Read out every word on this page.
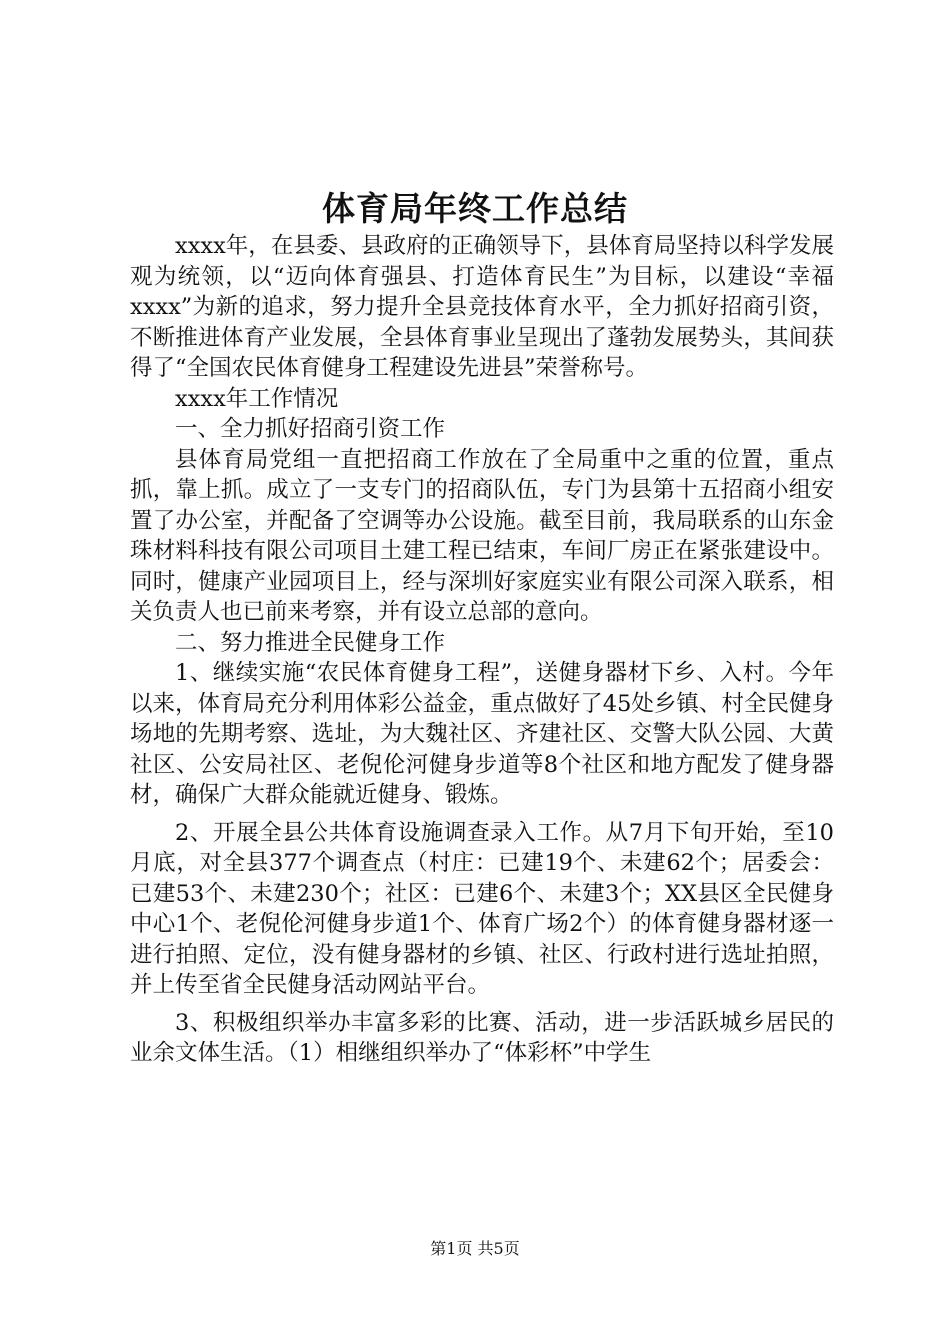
体育局年终工作总结

xxxx年，在县委、县政府的正确领导下，县体育局坚持以科学发展观为统领，以“迈向体育强县、打造体育民生”为目标，以建设“幸福xxxx”为新的追求，努力提升全县竞技体育水平，全力抓好招商引资，不断推进体育产业发展，全县体育事业呈现出了蓬勃发展势头，其间获得了“全国农民体育健身工程建设先进县”荣誉称号。

xxxx年工作情况

一、全力抓好招商引资工作

县体育局党组一直把招商工作放在了全局重中之重的位置，重点抓，靠上抓。成立了一支专门的招商队伍，专门为县第十五招商小组安置了办公室，并配备了空调等办公设施。截至目前，我局联系的山东金珠材料科技有限公司项目土建工程已结束，车间厂房正在紧张建设中。同时，健康产业园项目上，经与深圳好家庭实业有限公司深入联系，相关负责人也已前来考察，并有设立总部的意向。

二、努力推进全民健身工作

1、继续实施“农民体育健身工程”，送健身器材下乡、入村。今年以来，体育局充分利用体彩公益金，重点做好了45处乡镇、村全民健身场地的先期考察、选址，为大魏社区、齐建社区、交警大队公园、大黄社区、公安局社区、老倪伦河健身步道等8个社区和地方配发了健身器材，确保广大群众能就近健身、锻炼。

2、开展全县公共体育设施调查录入工作。从7月下旬开始，至10月底，对全县377个调查点（村庄：已建19个、未建62个；居委会：已建53个、未建230个；社区：已建6个、未建3个；XX县区全民健身中心1个、老倪伦河健身步道1个、体育广场2个）的体育健身器材逐一进行拍照、定位，没有健身器材的乡镇、社区、行政村进行选址拍照，并上传至省全民健身活动网站平台。

3、积极组织举办丰富多彩的比赛、活动，进一步活跃城乡居民的业余文体生活。（1）相继组织举办了“体彩杯”中学生

第1页 共5页
